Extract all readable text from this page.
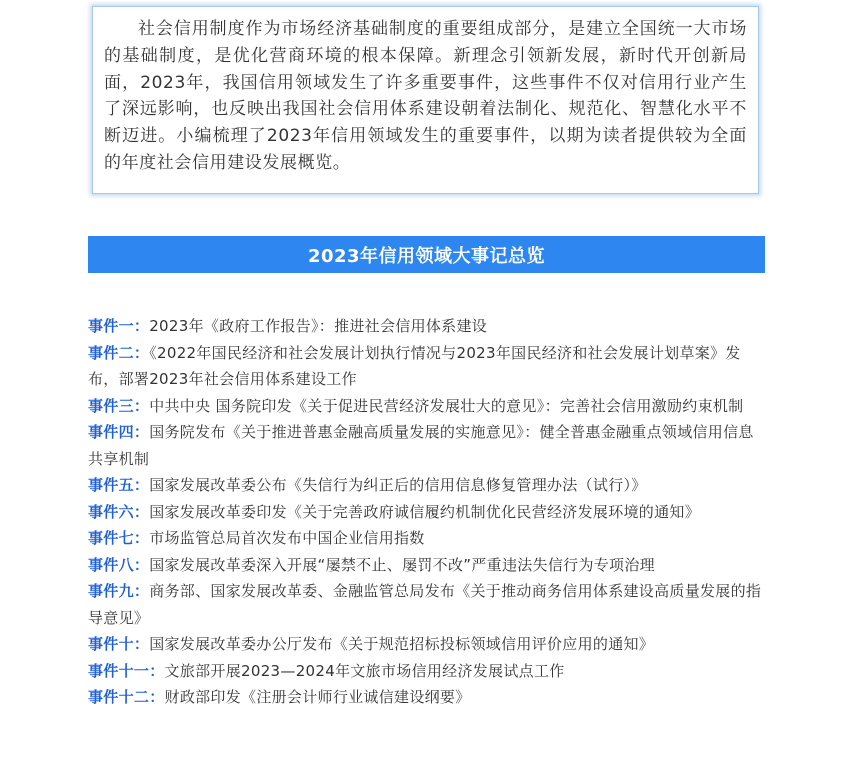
社会信用制度作为市场经济基础制度的重要组成部分，是建立全国统一大市场的基础制度，是优化营商环境的根本保障。新理念引领新发展，新时代开创新局面，2023年，我国信用领域发生了许多重要事件，这些事件不仅对信用行业产生了深远影响，也反映出我国社会信用体系建设朝着法制化、规范化、智慧化水平不断迈进。小编梳理了2023年信用领域发生的重要事件，以期为读者提供较为全面的年度社会信用建设发展概览。

2023年信用领域大事记总览
事件一：2023年《政府工作报告》：推进社会信用体系建设
事件二：《2022年国民经济和社会发展计划执行情况与2023年国民经济和社会发展计划草案》发布，部署2023年社会信用体系建设工作
事件三：中共中央 国务院印发《关于促进民营经济发展壮大的意见》：完善社会信用激励约束机制
事件四：国务院发布《关于推进普惠金融高质量发展的实施意见》：健全普惠金融重点领域信用信息共享机制
事件五：国家发展改革委公布《失信行为纠正后的信用信息修复管理办法（试行）》
事件六：国家发展改革委印发《关于完善政府诚信履约机制优化民营经济发展环境的通知》
事件七：市场监管总局首次发布中国企业信用指数
事件八：国家发展改革委深入开展“屡禁不止、屡罚不改”严重违法失信行为专项治理
事件九：商务部、国家发展改革委、金融监管总局发布《关于推动商务信用体系建设高质量发展的指导意见》
事件十：国家发展改革委办公厅发布《关于规范招标投标领域信用评价应用的通知》
事件十一：文旅部开展2023—2024年文旅市场信用经济发展试点工作
事件十二：财政部印发《注册会计师行业诚信建设纲要》
